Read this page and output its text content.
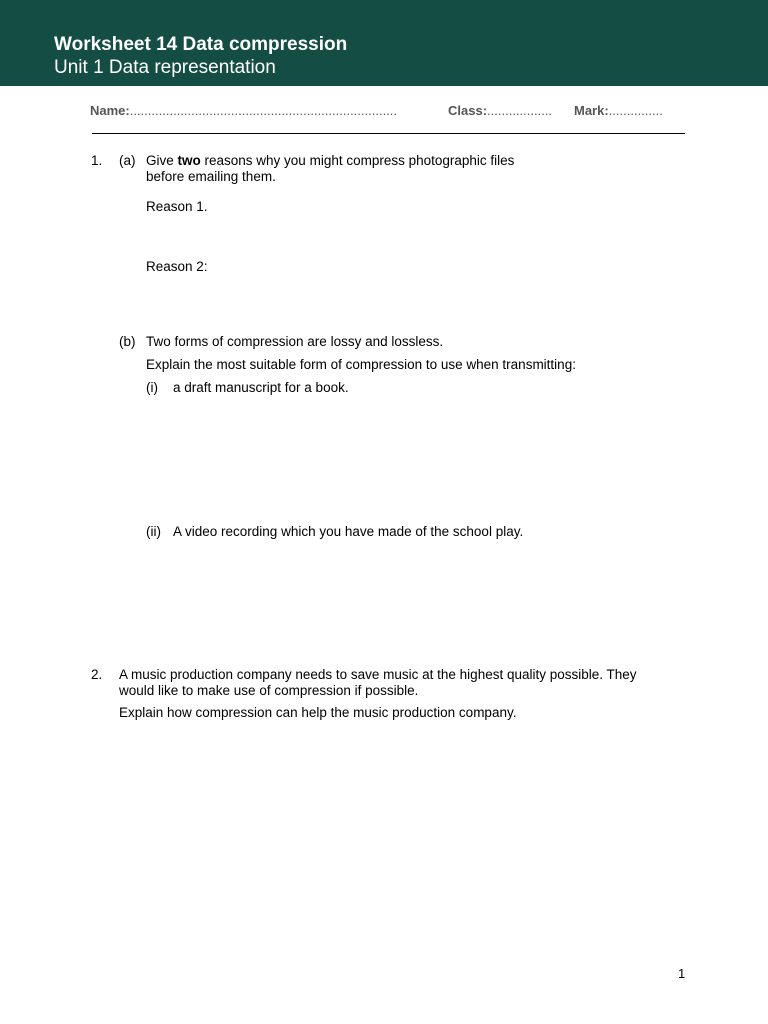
Worksheet 14 Data compression
Unit 1 Data representation
Name:..........................................................................	Class:.................. Mark:...............
1. (a) Give two reasons why you might compress photographic files
before emailing them.
Reason 1.
Reason 2:
(b) Two forms of compression are lossy and lossless.
Explain the most suitable form of compression to use when transmitting:
(i) a draft manuscript for a book.
(ii) A video recording which you have made of the school play.
2. A music production company needs to save music at the highest quality possible. They
would like to make use of compression if possible.
Explain how compression can help the music production company.
1
